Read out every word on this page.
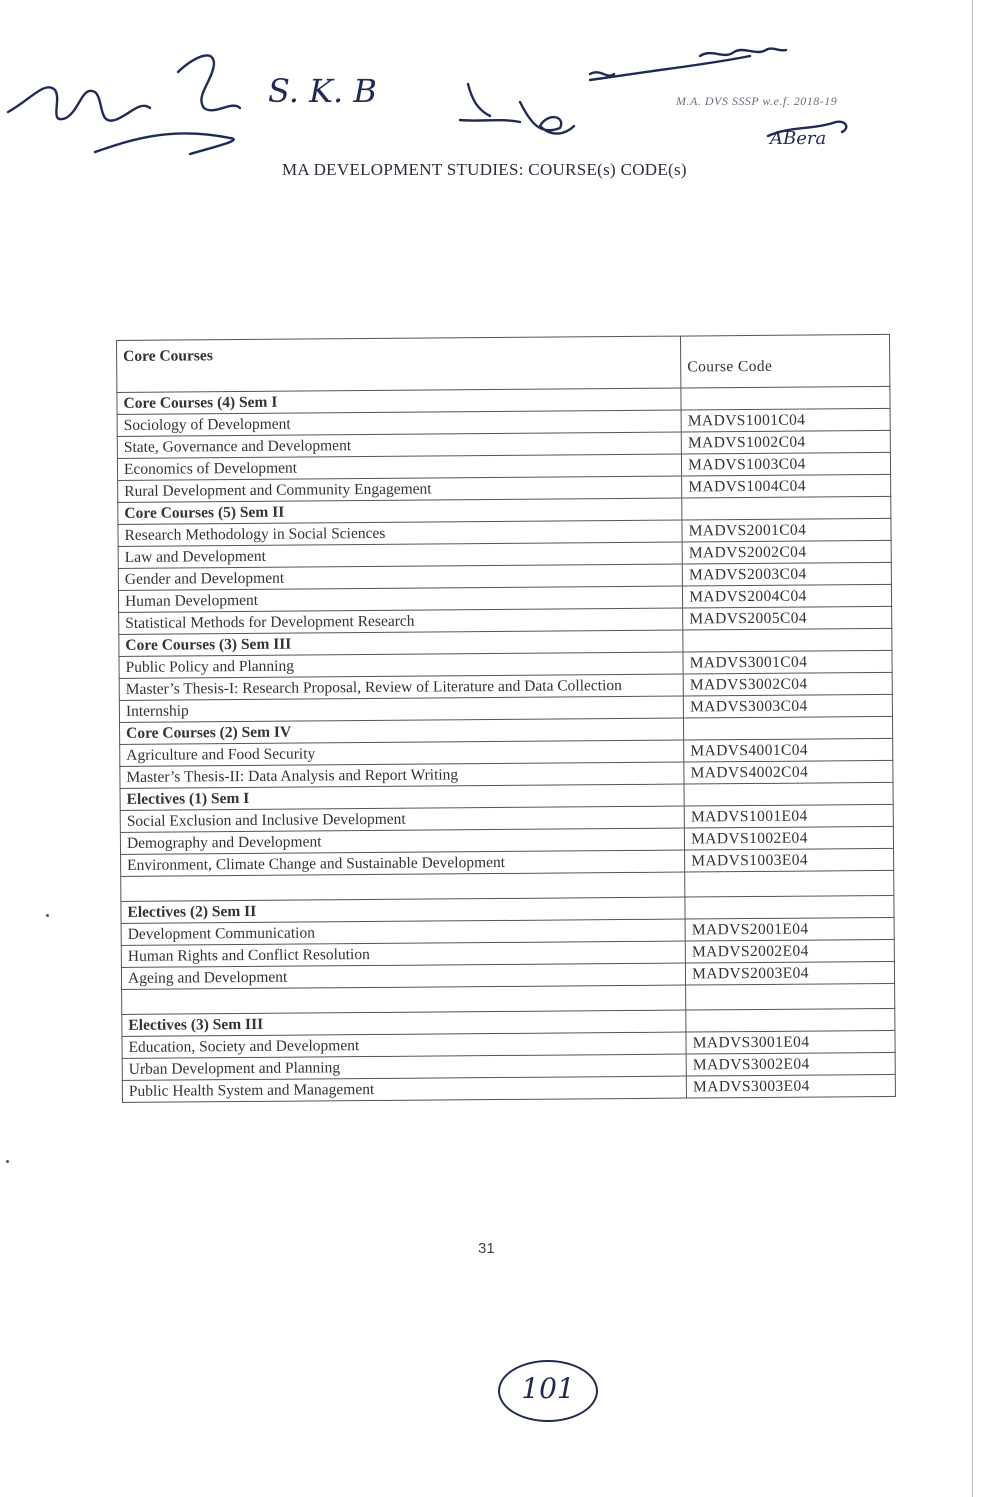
S. K. B
ABera
M.A. DVS SSSP w.e.f. 2018-19
MA DEVELOPMENT STUDIES: COURSE(s) CODE(s)
Core Courses	Course Code
Core Courses (4) Sem I	
Sociology of Development	MADVS1001C04
State, Governance and Development	MADVS1002C04
Economics of Development	MADVS1003C04
Rural Development and Community Engagement	MADVS1004C04
Core Courses (5) Sem II	
Research Methodology in Social Sciences	MADVS2001C04
Law and Development	MADVS2002C04
Gender and Development	MADVS2003C04
Human Development	MADVS2004C04
Statistical Methods for Development Research	MADVS2005C04
Core Courses (3) Sem III	
Public Policy and Planning	MADVS3001C04
Master’s Thesis-I: Research Proposal, Review of Literature and Data Collection	MADVS3002C04
Internship	MADVS3003C04
Core Courses (2) Sem IV	
Agriculture and Food Security	MADVS4001C04
Master’s Thesis-II: Data Analysis and Report Writing	MADVS4002C04
Electives (1) Sem I	
Social Exclusion and Inclusive Development	MADVS1001E04
Demography and Development	MADVS1002E04
Environment, Climate Change and Sustainable Development	MADVS1003E04

Electives (2) Sem II	
Development Communication	MADVS2001E04
Human Rights and Conflict Resolution	MADVS2002E04
Ageing and Development	MADVS2003E04

Electives (3) Sem III	
Education, Society and Development	MADVS3001E04
Urban Development and Planning	MADVS3002E04
Public Health System and Management	MADVS3003E04
31
101
